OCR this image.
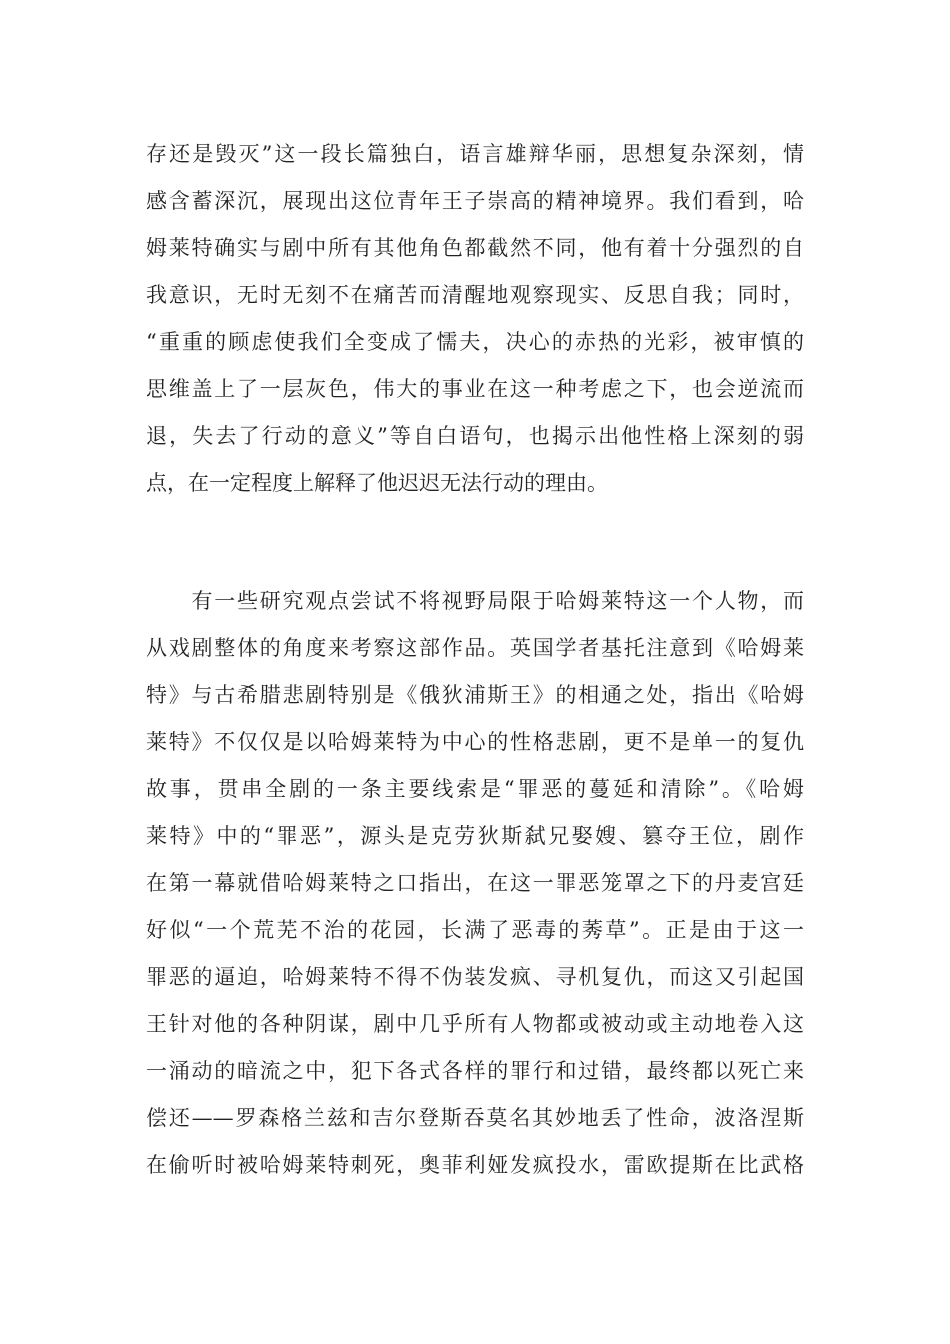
存还是毁灭”这一段长篇独白，语言雄辩华丽，思想复杂深刻，情
感含蓄深沉，展现出这位青年王子崇高的精神境界。我们看到，哈
姆莱特确实与剧中所有其他角色都截然不同，他有着十分强烈的自
我意识，无时无刻不在痛苦而清醒地观察现实、反思自我；同时，
“重重的顾虑使我们全变成了懦夫，决心的赤热的光彩，被审慎的
思维盖上了一层灰色，伟大的事业在这一种考虑之下，也会逆流而
退，失去了行动的意义”等自白语句，也揭示出他性格上深刻的弱
点，在一定程度上解释了他迟迟无法行动的理由。
　　有一些研究观点尝试不将视野局限于哈姆莱特这一个人物，而
从戏剧整体的角度来考察这部作品。英国学者基托注意到《哈姆莱
特》与古希腊悲剧特别是《俄狄浦斯王》的相通之处，指出《哈姆
莱特》不仅仅是以哈姆莱特为中心的性格悲剧，更不是单一的复仇
故事，贯串全剧的一条主要线索是“罪恶的蔓延和清除”。《哈姆
莱特》中的“罪恶”，源头是克劳狄斯弑兄娶嫂、篡夺王位，剧作
在第一幕就借哈姆莱特之口指出，在这一罪恶笼罩之下的丹麦宫廷
好似“一个荒芜不治的花园，长满了恶毒的莠草”。正是由于这一
罪恶的逼迫，哈姆莱特不得不伪装发疯、寻机复仇，而这又引起国
王针对他的各种阴谋，剧中几乎所有人物都或被动或主动地卷入这
一涌动的暗流之中，犯下各式各样的罪行和过错，最终都以死亡来
偿还——罗森格兰兹和吉尔登斯吞莫名其妙地丢了性命，波洛涅斯
在偷听时被哈姆莱特刺死，奥菲利娅发疯投水，雷欧提斯在比武格
